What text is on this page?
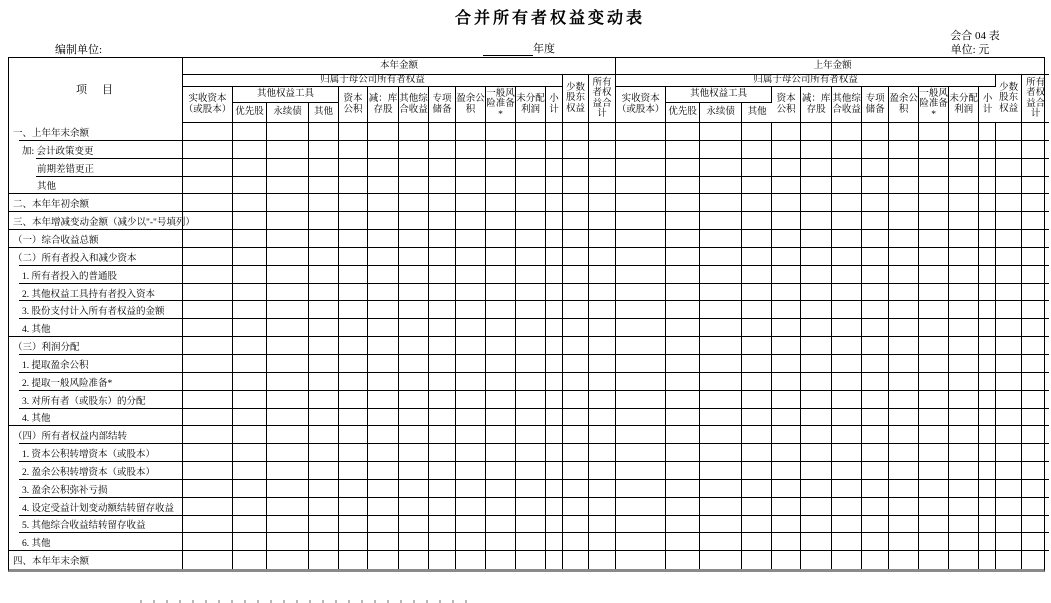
合并所有者权益变动表
会合 04 表
单位: 元
编制单位:	年度
项　目	本年金额														上年金额													
	归属于母公司所有者权益												少数股东权益	所有者权益合计	归属于母公司所有者权益												少数股东权益	所有者权益合计
	实收资本（或股本）	其他权益工具			资本公积	减：库存股	其他综合收益	专项储备	盈余公积	一般风险准备*	未分配利润	小计			实收资本（或股本）	其他权益工具			资本公积	减：库存股	其他综合收益	专项储备	盈余公积	一般风险准备*	未分配利润	小计		
		优先股	永续债	其他												优先股	永续债	其他										
一、上年年末余额																												
加: 会计政策变更																												
前期差错更正																												
其他																												
二、本年年初余额																												
三、本年增减变动金额（减少以"-"号填列）																												
（一）综合收益总额																												
（二）所有者投入和减少资本																												
1. 所有者投入的普通股																												
2. 其他权益工具持有者投入资本																												
3. 股份支付计入所有者权益的金额																												
4. 其他																												
（三）利润分配																												
1. 提取盈余公积																												
2. 提取一般风险准备*																												
3. 对所有者（或股东）的分配																												
4. 其他																												
（四）所有者权益内部结转																												
1. 资本公积转增资本（或股本）																												
2. 盈余公积转增资本（或股本）																												
3. 盈余公积弥补亏损																												
4. 设定受益计划变动额结转留存收益																												
5. 其他综合收益结转留存收益																												
6. 其他																												
四、本年年末余额																												
